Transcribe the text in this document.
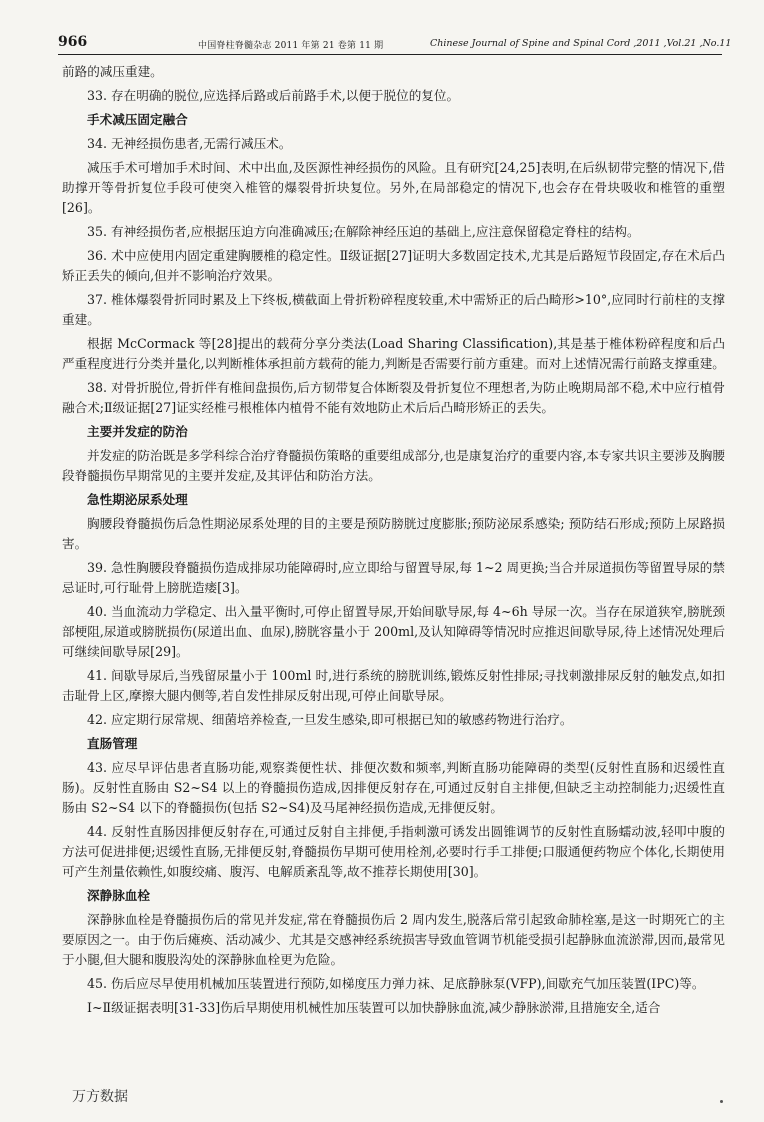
966	中国脊柱脊髓杂志 2011 年第 21 卷第 11 期	Chinese Journal of Spine and Spinal Cord ,2011 ,Vol.21 ,No.11

前路的减压重建。

33. 存在明确的脱位,应选择后路或后前路手术,以便于脱位的复位。

手术减压固定融合

34. 无神经损伤患者,无需行减压术。

减压手术可增加手术时间、术中出血,及医源性神经损伤的风险。且有研究[24,25]表明,在后纵韧带完整的情况下,借助撑开等骨折复位手段可使突入椎管的爆裂骨折块复位。另外,在局部稳定的情况下,也会存在骨块吸收和椎管的重塑[26]。

35. 有神经损伤者,应根据压迫方向准确减压;在解除神经压迫的基础上,应注意保留稳定脊柱的结构。

36. 术中应使用内固定重建胸腰椎的稳定性。Ⅱ级证据[27]证明大多数固定技术,尤其是后路短节段固定,存在术后凸矫正丢失的倾向,但并不影响治疗效果。

37. 椎体爆裂骨折同时累及上下终板,横截面上骨折粉碎程度较重,术中需矫正的后凸畸形>10°,应同时行前柱的支撑重建。

根据 McCormack 等[28]提出的载荷分享分类法(Load Sharing Classification),其是基于椎体粉碎程度和后凸严重程度进行分类并量化,以判断椎体承担前方载荷的能力,判断是否需要行前方重建。而对上述情况需行前路支撑重建。

38. 对骨折脱位,骨折伴有椎间盘损伤,后方韧带复合体断裂及骨折复位不理想者,为防止晚期局部不稳,术中应行植骨融合术;Ⅱ级证据[27]证实经椎弓根椎体内植骨不能有效地防止术后后凸畸形矫正的丢失。

主要并发症的防治

并发症的防治既是多学科综合治疗脊髓损伤策略的重要组成部分,也是康复治疗的重要内容,本专家共识主要涉及胸腰段脊髓损伤早期常见的主要并发症,及其评估和防治方法。

急性期泌尿系处理

胸腰段脊髓损伤后急性期泌尿系处理的目的主要是预防膀胱过度膨胀;预防泌尿系感染; 预防结石形成;预防上尿路损害。

39. 急性胸腰段脊髓损伤造成排尿功能障碍时,应立即给与留置导尿,每 1~2 周更换;当合并尿道损伤等留置导尿的禁忌证时,可行耻骨上膀胱造瘘[3]。

40. 当血流动力学稳定、出入量平衡时,可停止留置导尿,开始间歇导尿,每 4~6h 导尿一次。当存在尿道狭窄,膀胱颈部梗阻,尿道或膀胱损伤(尿道出血、血尿),膀胱容量小于 200ml,及认知障碍等情况时应推迟间歇导尿,待上述情况处理后可继续间歇导尿[29]。

41. 间歇导尿后,当残留尿量小于 100ml 时,进行系统的膀胱训练,锻炼反射性排尿;寻找刺激排尿反射的触发点,如扣击耻骨上区,摩擦大腿内侧等,若自发性排尿反射出现,可停止间歇导尿。

42. 应定期行尿常规、细菌培养检查,一旦发生感染,即可根据已知的敏感药物进行治疗。

直肠管理

43. 应尽早评估患者直肠功能,观察粪便性状、排便次数和频率,判断直肠功能障碍的类型(反射性直肠和迟缓性直肠)。反射性直肠由 S2~S4 以上的脊髓损伤造成,因排便反射存在,可通过反射自主排便,但缺乏主动控制能力;迟缓性直肠由 S2~S4 以下的脊髓损伤(包括 S2~S4)及马尾神经损伤造成,无排便反射。

44. 反射性直肠因排便反射存在,可通过反射自主排便,手指刺激可诱发出圆锥调节的反射性直肠蠕动波,轻叩中腹的方法可促进排便;迟缓性直肠,无排便反射,脊髓损伤早期可使用栓剂,必要时行手工排便;口服通便药物应个体化,长期使用可产生剂量依赖性,如腹绞痛、腹泻、电解质紊乱等,故不推荐长期使用[30]。

深静脉血栓

深静脉血栓是脊髓损伤后的常见并发症,常在脊髓损伤后 2 周内发生,脱落后常引起致命肺栓塞,是这一时期死亡的主要原因之一。由于伤后瘫痪、活动减少、尤其是交感神经系统损害导致血管调节机能受损引起静脉血流淤滞,因而,最常见于小腿,但大腿和腹股沟处的深静脉血栓更为危险。

45. 伤后应尽早使用机械加压装置进行预防,如梯度压力弹力袜、足底静脉泵(VFP),间歇充气加压装置(IPC)等。

Ⅰ~Ⅱ级证据表明[31-33]伤后早期使用机械性加压装置可以加快静脉血流,减少静脉淤滞,且措施安全,适合

万方数据
